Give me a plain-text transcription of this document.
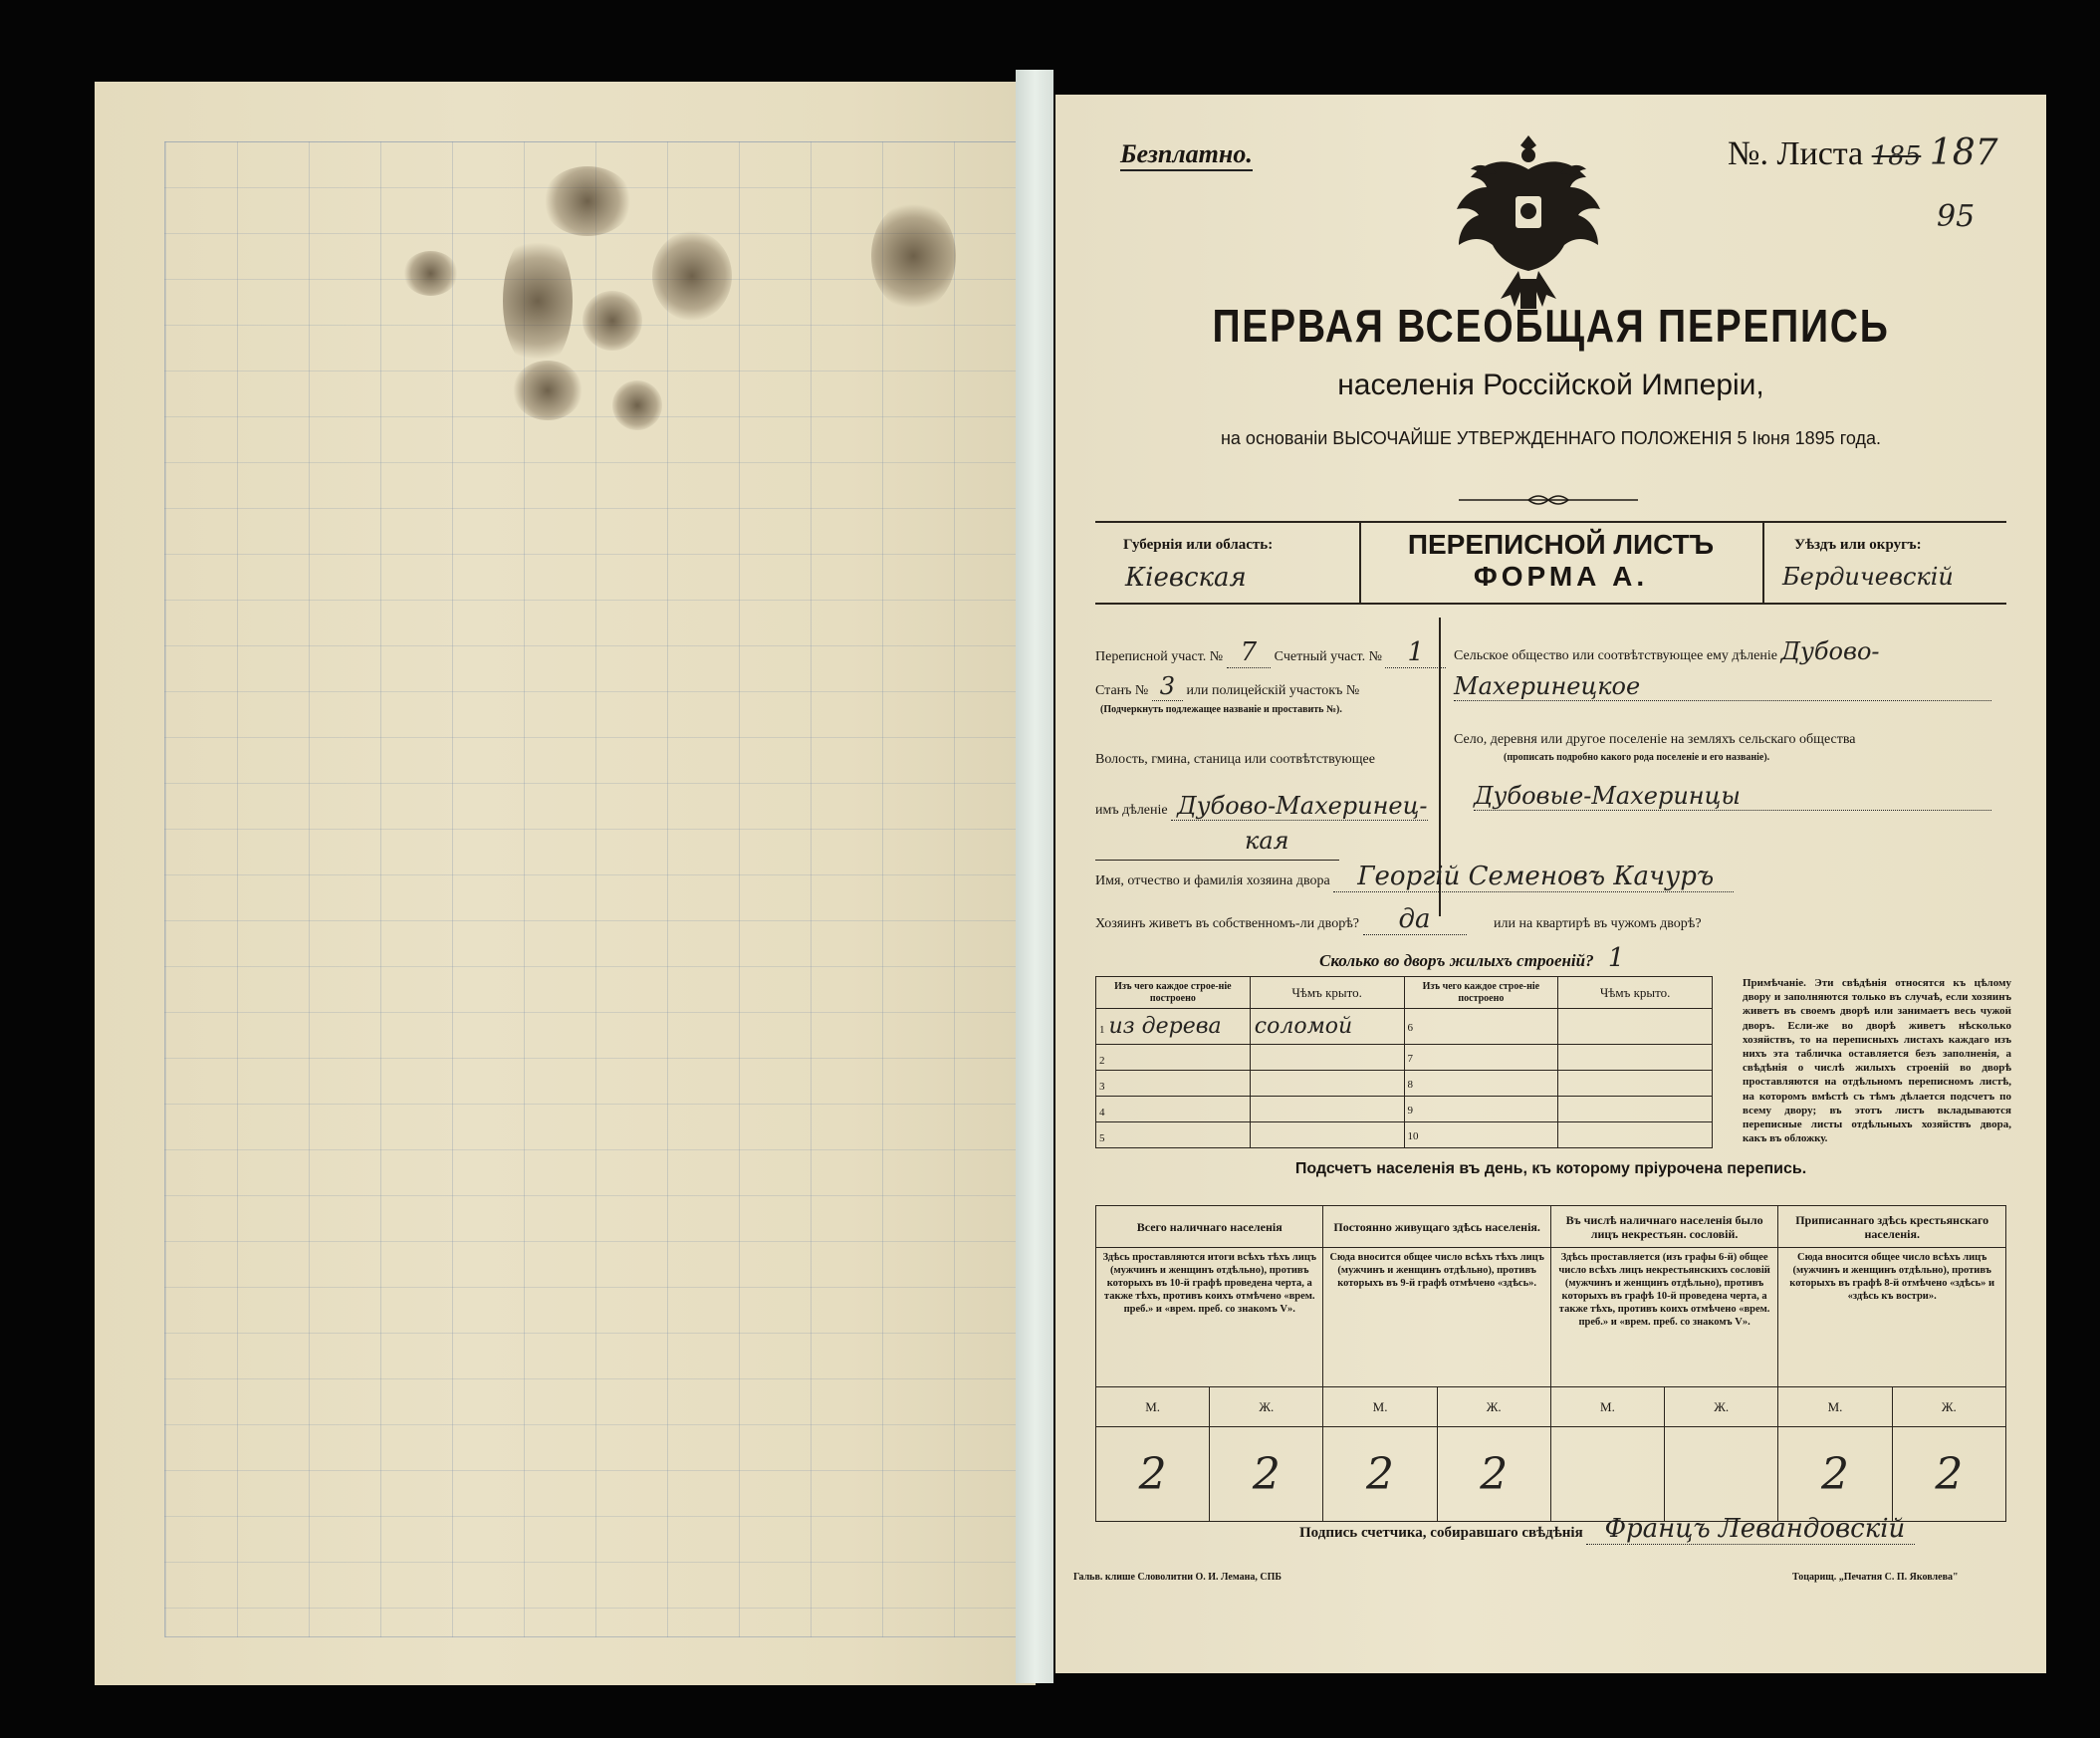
Безплатно.	№. Листа 185 187
95
ПЕРВАЯ ВСЕОБЩАЯ ПЕРЕПИСЬ
населенія Россійской Имперіи,
на основаніи ВЫСОЧАЙШЕ УТВЕРЖДЕННАГО ПОЛОЖЕНІЯ 5 Іюня 1895 года.
Губернія или область:
Кіевская
ПЕРЕПИСНОЙ ЛИСТЪ
ФОРМА А.
Уѣздъ или округъ:
Бердичевскій
Переписной участ. № 7 Счетный участ. № 1
Станъ № 3 или полицейскій участокъ №
(Подчеркнуть подлежащее названіе и проставить №).
Волость, гмина, станица или соотвѣтствующее
имъ дѣленіе Дубово-Махеринец-
кая
Сельское общество или соотвѣтствующее ему дѣленіе Дубово-
Махеринецкое
Село, деревня или другое поселеніе на земляхъ сельскаго общества
(прописать подробно какого рода поселеніе и его названіе).
Дубовые-Махеринцы
Имя, отчество и фамилія хозяина двора Георгій Семеновъ Качуръ
Хозяинъ живетъ въ собственномъ-ли дворѣ? да	или на квартирѣ въ чужомъ дворѣ?
Сколько во дворъ жилыхъ строеній? 1
Изъ чего каждое строе-ніе построено	Чѣмъ крыто.	Изъ чего каждое строе-ніе построено	Чѣмъ крыто.
1 из дерева	соломой	6	
2		7	
3		8	
4		9	
5		10	
Примѣчаніе. Эти свѣдѣнія относятся къ цѣлому двору и заполняются только въ случаѣ, если хозяинъ живетъ въ своемъ дворѣ или занимаетъ весь чужой дворъ. Если-же во дворѣ живетъ нѣсколько хозяйствъ, то на переписныхъ листахъ каждаго изъ нихъ эта табличка оставляется безъ заполненія, а свѣдѣнія о числѣ жилыхъ строеній во дворѣ проставляются на отдѣльномъ переписномъ листѣ, на которомъ вмѣстѣ съ тѣмъ дѣлается подсчетъ по всему двору; въ этотъ листъ вкладываются переписные листы отдѣльныхъ хозяйствъ двора, какъ въ обложку.
Подсчетъ населенія въ день, къ которому пріурочена перепись.
Всего наличнаго населенія		Постоянно живущаго здѣсь населенія.		Въ числѣ наличнаго населенія было лицъ некрестьян. сословій.		Приписаннаго здѣсь крестьянскаго населенія.	
Здѣсь проставляются итоги всѣхъ тѣхъ лицъ (мужчинъ и женщинъ отдѣльно), противъ которыхъ въ 10-й графѣ проведена черта, а также тѣхъ, противъ коихъ отмѣчено «врем. преб.» и «врем. преб. со знакомъ V».		Сюда вносится общее число всѣхъ тѣхъ лицъ (мужчинъ и женщинъ отдѣльно), противъ которыхъ въ 9-й графѣ отмѣчено «здѣсь».		Здѣсь проставляется (изъ графы 6-й) общее число всѣхъ лицъ некрестьянскихъ сословій (мужчинъ и женщинъ отдѣльно), противъ которыхъ въ графѣ 10-й проведена черта, а также тѣхъ, противъ коихъ отмѣчено «врем. преб.» и «врем. преб. со знакомъ V».		Сюда вносится общее число всѣхъ лицъ (мужчинъ и женщинъ отдѣльно), противъ которыхъ въ графѣ 8-й отмѣчено «здѣсь» и «здѣсь къ востри».	
М.	Ж.	М.	Ж.	М.	Ж.	М.	Ж.
2	2	2	2			2	2
Подпись счетчика, собиравшаго свѣдѣнія Францъ Левандовскій
Гальв. клише Словолитни О. И. Лемана, СПБ	Тоцарищ. „Печатня С. П. Яковлева"
